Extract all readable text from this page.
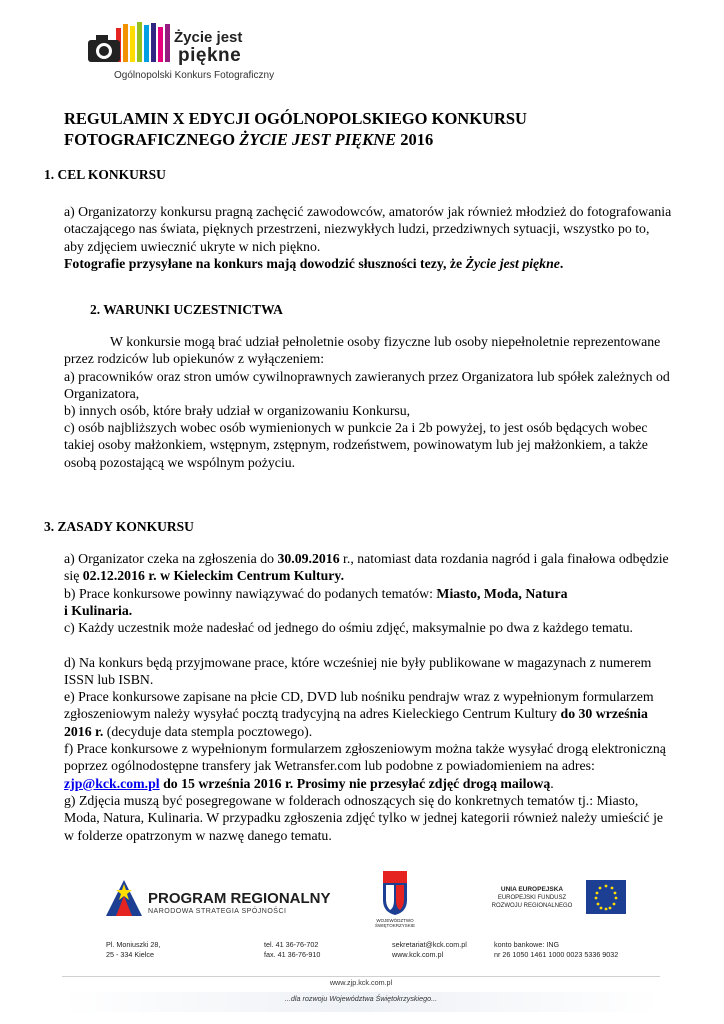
Życie jest
piękne
Ogólnopolski Konkurs Fotograficzny
REGULAMIN X EDYCJI OGÓLNOPOLSKIEGO KONKURSU
FOTOGRAFICZNEGO ŻYCIE JEST PIĘKNE 2016
1. CEL KONKURSU

a) Organizatorzy konkursu pragną zachęcić zawodowców, amatorów jak również młodzież do fotografowania otaczającego nas świata, pięknych przestrzeni, niezwykłych ludzi, przedziwnych sytuacji, wszystko po to, aby zdjęciem uwiecznić ukryte w nich piękno.

Fotografie przysyłane na konkurs mają dowodzić słuszności tezy, że Życie jest piękne.

2. WARUNKI UCZESTNICTWA

W konkursie mogą brać udział pełnoletnie osoby fizyczne lub osoby niepełnoletnie reprezentowane przez rodziców lub opiekunów z wyłączeniem:

a) pracowników oraz stron umów cywilnoprawnych zawieranych przez Organizatora lub spółek zależnych od Organizatora,

b) innych osób, które brały udział w organizowaniu Konkursu,

c) osób najbliższych wobec osób wymienionych w punkcie 2a i 2b powyżej, to jest osób będących wobec takiej osoby małżonkiem, wstępnym, zstępnym, rodzeństwem, powinowatym lub jej małżonkiem, a także osobą pozostającą we wspólnym pożyciu.

3. ZASADY KONKURSU

a) Organizator czeka na zgłoszenia do 30.09.2016 r., natomiast data rozdania nagród i gala finałowa odbędzie się 02.12.2016 r. w Kieleckim Centrum Kultury.

b) Prace konkursowe powinny nawiązywać do podanych tematów: Miasto, Moda, Natura
i Kulinaria.

c) Każdy uczestnik może nadesłać od jednego do ośmiu zdjęć, maksymalnie po dwa z każdego tematu.

d) Na konkurs będą przyjmowane prace, które wcześniej nie były publikowane w magazynach z numerem ISSN lub ISBN.

e) Prace konkursowe zapisane na płcie CD, DVD lub nośniku pendrajw wraz z wypełnionym formularzem zgłoszeniowym należy wysyłać pocztą tradycyjną na adres Kieleckiego Centrum Kultury do 30 września 2016 r. (decyduje data stempla pocztowego).

f) Prace konkursowe z wypełnionym formularzem zgłoszeniowym można także wysyłać drogą elektroniczną poprzez ogólnodostępne transfery jak Wetransfer.com lub podobne z powiadomieniem na adres: zjp@kck.com.pl do 15 września 2016 r. Prosimy nie przesyłać zdjęć drogą mailową.

g) Zdjęcia muszą być posegregowane w folderach odnoszących się do konkretnych tematów tj.: Miasto, Moda, Natura, Kulinaria. W przypadku zgłoszenia zdjęć tylko w jednej kategorii również należy umieścić je w folderze opatrzonym w nazwę danego tematu.

PROGRAM REGIONALNY
NARODOWA STRATEGIA SPÓJNOŚCI
WOJEWÓDZTWO ŚWIĘTOKRZYSKIE
UNIA EUROPEJSKA
EUROPEJSKI FUNDUSZ
ROZWOJU REGIONALNEGO
Pl. Moniuszki 28,
25 - 334 Kielce
tel. 41 36-76-702
fax. 41 36-76-910
sekretariat@kck.com.pl
www.kck.com.pl
konto bankowe: ING
nr 26 1050 1461 1000 0023 5336 9032
www.zjp.kck.com.pl
...dla rozwoju Województwa Świętokrzyskiego...
